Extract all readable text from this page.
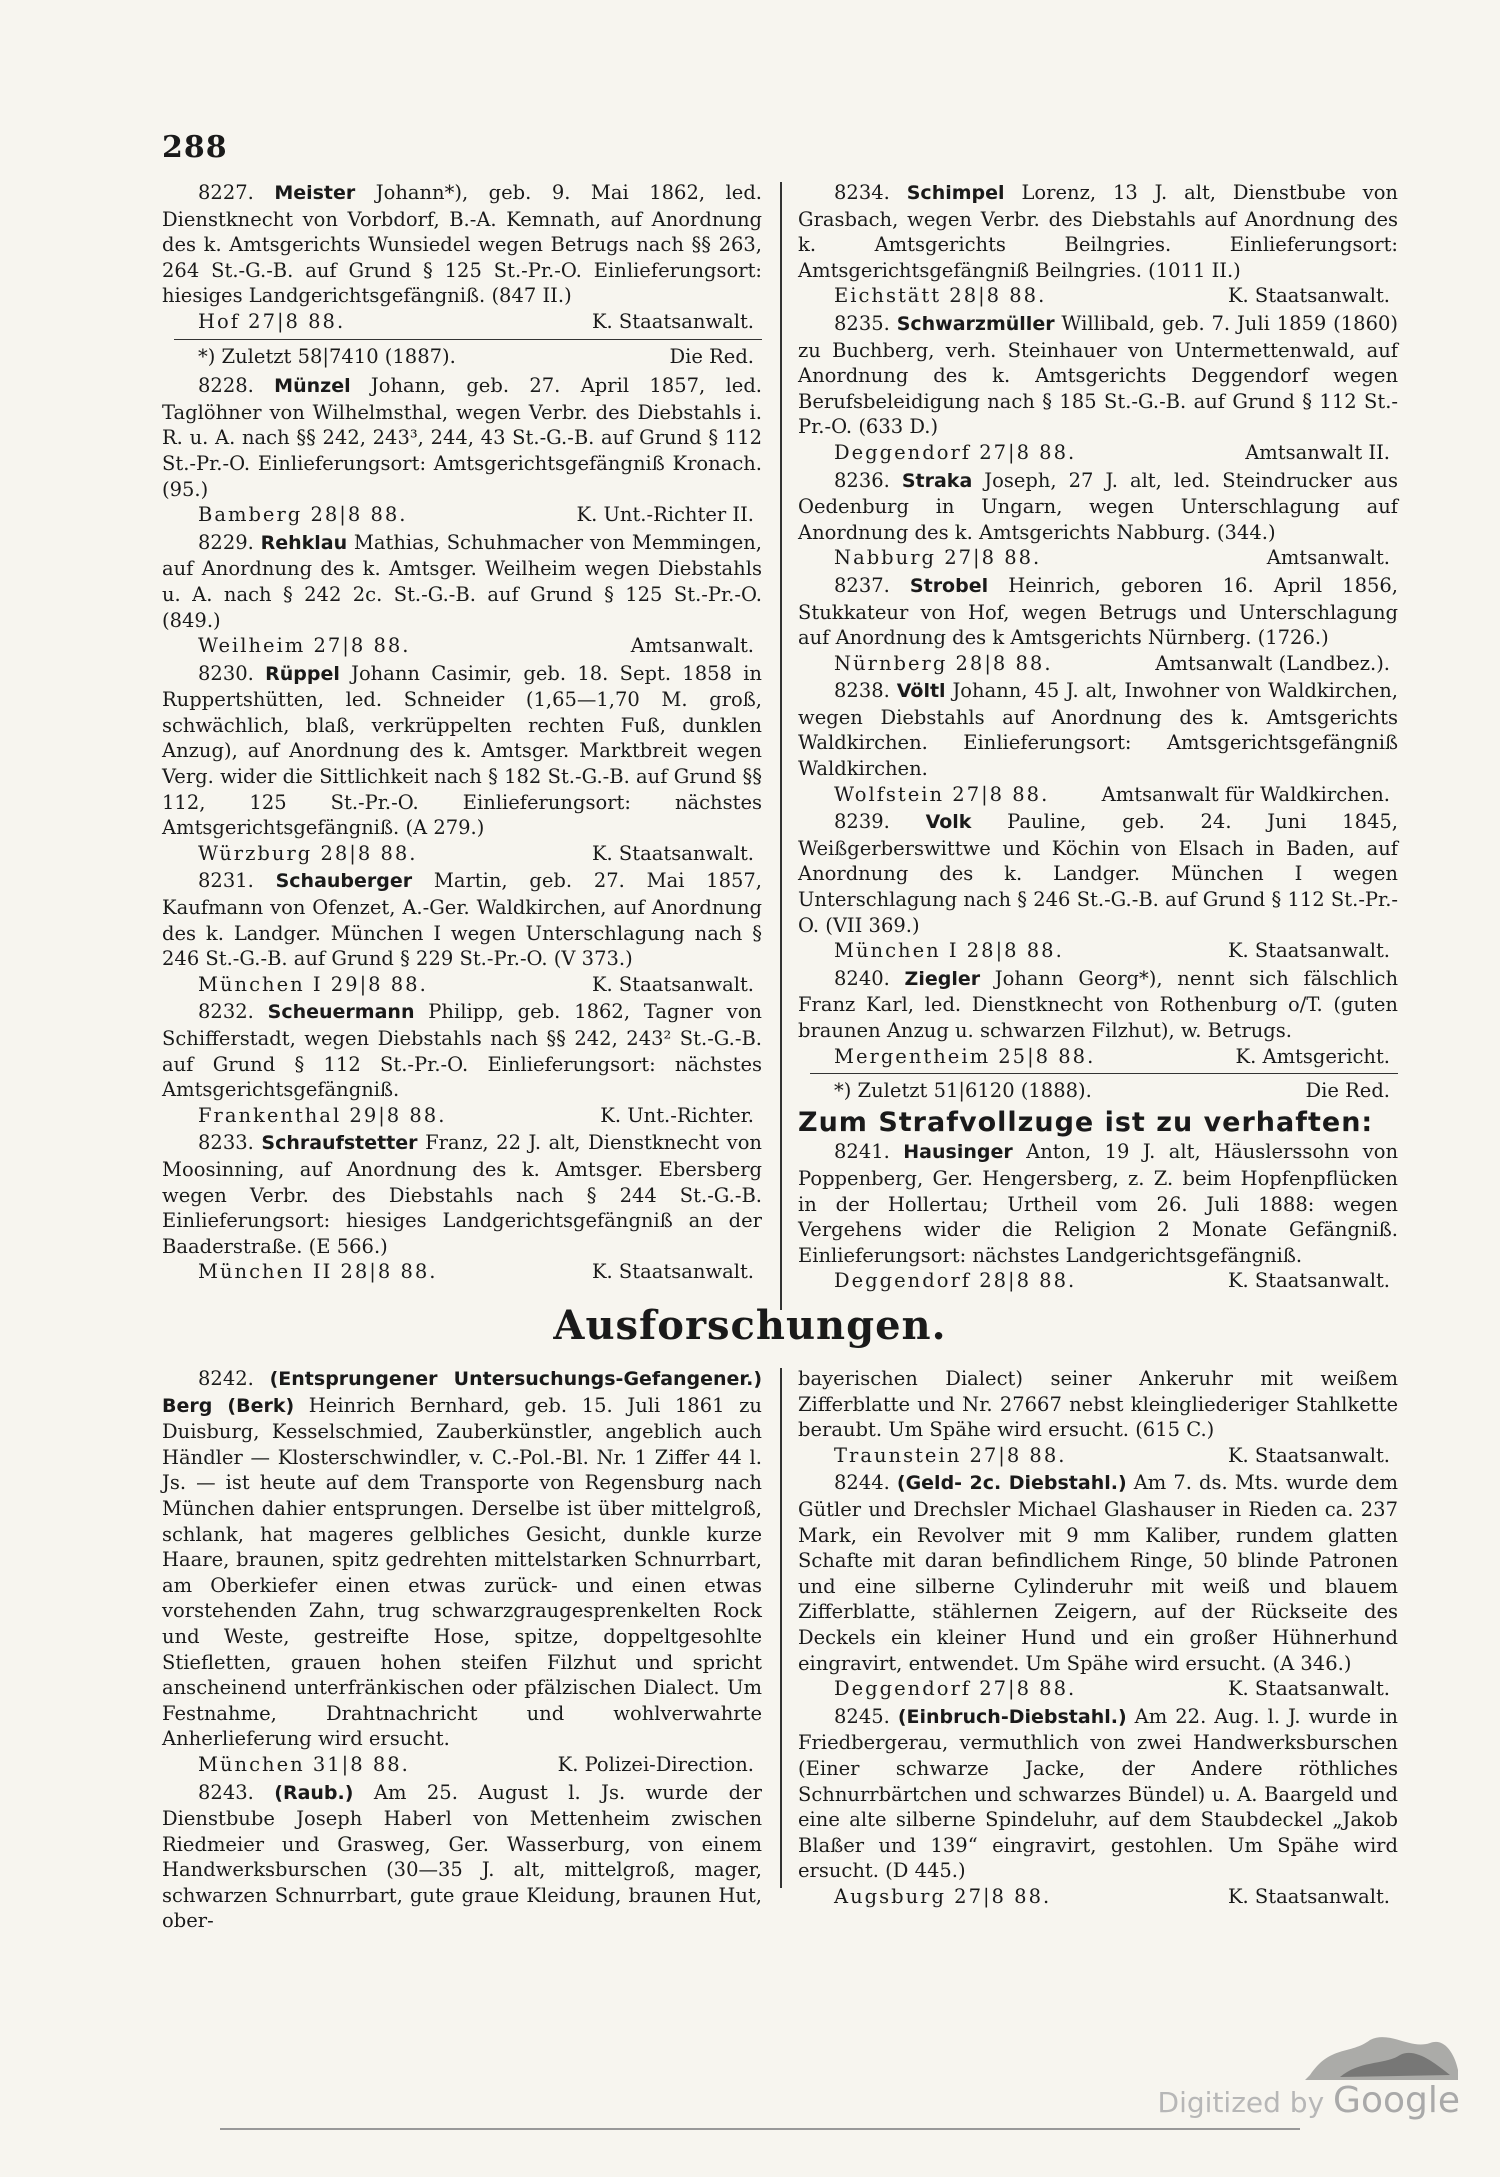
288

8227. Meister Johann*), geb. 9. Mai 1862, led. Dienstknecht von Vorbdorf, B.-A. Kemnath, auf Anordnung des k. Amtsgerichts Wunsiedel wegen Betrugs nach §§ 263, 264 St.-G.-B. auf Grund § 125 St.-Pr.-O. Einlieferungsort: hiesiges Landgerichtsgefängniß. (847 II.)

Hof 27|8 88.	K. Staatsanwalt.
*) Zuletzt 58|7410 (1887).	Die Red.

8228. Münzel Johann, geb. 27. April 1857, led. Taglöhner von Wilhelmsthal, wegen Verbr. des Diebstahls i. R. u. A. nach §§ 242, 243³, 244, 43 St.-G.-B. auf Grund § 112 St.-Pr.-O. Einlieferungsort: Amtsgerichtsgefängniß Kronach. (95.)

Bamberg 28|8 88.	K. Unt.-Richter II.

8229. Rehklau Mathias, Schuhmacher von Memmingen, auf Anordnung des k. Amtsger. Weilheim wegen Diebstahls u. A. nach § 242 2c. St.-G.-B. auf Grund § 125 St.-Pr.-O. (849.)

Weilheim 27|8 88.	Amtsanwalt.

8230. Rüppel Johann Casimir, geb. 18. Sept. 1858 in Ruppertshütten, led. Schneider (1,65—1,70 M. groß, schwächlich, blaß, verkrüppelten rechten Fuß, dunklen Anzug), auf Anordnung des k. Amtsger. Marktbreit wegen Verg. wider die Sittlichkeit nach § 182 St.-G.-B. auf Grund §§ 112, 125 St.-Pr.-O. Einlieferungsort: nächstes Amtsgerichtsgefängniß. (A 279.)

Würzburg 28|8 88.	K. Staatsanwalt.

8231. Schauberger Martin, geb. 27. Mai 1857, Kaufmann von Ofenzet, A.-Ger. Waldkirchen, auf Anordnung des k. Landger. München I wegen Unterschlagung nach § 246 St.-G.-B. auf Grund § 229 St.-Pr.-O. (V 373.)

München I 29|8 88.	K. Staatsanwalt.

8232. Scheuermann Philipp, geb. 1862, Tagner von Schifferstadt, wegen Diebstahls nach §§ 242, 243² St.-G.-B. auf Grund § 112 St.-Pr.-O. Einlieferungsort: nächstes Amtsgerichtsgefängniß.

Frankenthal 29|8 88.	K. Unt.-Richter.

8233. Schraufstetter Franz, 22 J. alt, Dienstknecht von Moosinning, auf Anordnung des k. Amtsger. Ebersberg wegen Verbr. des Diebstahls nach § 244 St.-G.-B. Einlieferungsort: hiesiges Landgerichtsgefängniß an der Baaderstraße. (E 566.)

München II 28|8 88.	K. Staatsanwalt.

8234. Schimpel Lorenz, 13 J. alt, Dienstbube von Grasbach, wegen Verbr. des Diebstahls auf Anordnung des k. Amtsgerichts Beilngries. Einlieferungsort: Amtsgerichtsgefängniß Beilngries. (1011 II.)

Eichstätt 28|8 88.	K. Staatsanwalt.

8235. Schwarzmüller Willibald, geb. 7. Juli 1859 (1860) zu Buchberg, verh. Steinhauer von Untermettenwald, auf Anordnung des k. Amtsgerichts Deggendorf wegen Berufsbeleidigung nach § 185 St.-G.-B. auf Grund § 112 St.-Pr.-O. (633 D.)

Deggendorf 27|8 88.	Amtsanwalt II.

8236. Straka Joseph, 27 J. alt, led. Steindrucker aus Oedenburg in Ungarn, wegen Unterschlagung auf Anordnung des k. Amtsgerichts Nabburg. (344.)

Nabburg 27|8 88.	Amtsanwalt.

8237. Strobel Heinrich, geboren 16. April 1856, Stukkateur von Hof, wegen Betrugs und Unterschlagung auf Anordnung des k Amtsgerichts Nürnberg. (1726.)

Nürnberg 28|8 88.	Amtsanwalt (Landbez.).

8238. Völtl Johann, 45 J. alt, Inwohner von Waldkirchen, wegen Diebstahls auf Anordnung des k. Amtsgerichts Waldkirchen. Einlieferungsort: Amtsgerichtsgefängniß Waldkirchen.

Wolfstein 27|8 88.	Amtsanwalt für Waldkirchen.

8239. Volk Pauline, geb. 24. Juni 1845, Weißgerberswittwe und Köchin von Elsach in Baden, auf Anordnung des k. Landger. München I wegen Unterschlagung nach § 246 St.-G.-B. auf Grund § 112 St.-Pr.-O. (VII 369.)

München I 28|8 88.	K. Staatsanwalt.

8240. Ziegler Johann Georg*), nennt sich fälschlich Franz Karl, led. Dienstknecht von Rothenburg o/T. (guten braunen Anzug u. schwarzen Filzhut), w. Betrugs.

Mergentheim 25|8 88.	K. Amtsgericht.
*) Zuletzt 51|6120 (1888).	Die Red.
Zum Strafvollzuge ist zu verhaften:

8241. Hausinger Anton, 19 J. alt, Häuslerssohn von Poppenberg, Ger. Hengersberg, z. Z. beim Hopfenpflücken in der Hollertau; Urtheil vom 26. Juli 1888: wegen Vergehens wider die Religion 2 Monate Gefängniß. Einlieferungsort: nächstes Landgerichtsgefängniß.

Deggendorf 28|8 88.	K. Staatsanwalt.
Ausforschungen.

8242. (Entsprungener Untersuchungs-Gefangener.) Berg (Berk) Heinrich Bernhard, geb. 15. Juli 1861 zu Duisburg, Kesselschmied, Zauberkünstler, angeblich auch Händler — Klosterschwindler, v. C.-Pol.-Bl. Nr. 1 Ziffer 44 l. Js. — ist heute auf dem Transporte von Regensburg nach München dahier entsprungen. Derselbe ist über mittelgroß, schlank, hat mageres gelbliches Gesicht, dunkle kurze Haare, braunen, spitz gedrehten mittelstarken Schnurrbart, am Oberkiefer einen etwas zurück- und einen etwas vorstehenden Zahn, trug schwarzgraugesprenkelten Rock und Weste, gestreifte Hose, spitze, doppeltgesohlte Stiefletten, grauen hohen steifen Filzhut und spricht anscheinend unterfränkischen oder pfälzischen Dialect. Um Festnahme, Drahtnachricht und wohlverwahrte Anherlieferung wird ersucht.

München 31|8 88.	K. Polizei-Direction.

8243. (Raub.) Am 25. August l. Js. wurde der Dienstbube Joseph Haberl von Mettenheim zwischen Riedmeier und Grasweg, Ger. Wasserburg, von einem Handwerksburschen (30—35 J. alt, mittelgroß, mager, schwarzen Schnurrbart, gute graue Kleidung, braunen Hut, ober-

bayerischen Dialect) seiner Ankeruhr mit weißem Zifferblatte und Nr. 27667 nebst kleingliederiger Stahlkette beraubt. Um Spähe wird ersucht. (615 C.)

Traunstein 27|8 88.	K. Staatsanwalt.

8244. (Geld- 2c. Diebstahl.) Am 7. ds. Mts. wurde dem Gütler und Drechsler Michael Glashauser in Rieden ca. 237 Mark, ein Revolver mit 9 mm Kaliber, rundem glatten Schafte mit daran befindlichem Ringe, 50 blinde Patronen und eine silberne Cylinderuhr mit weiß und blauem Zifferblatte, stählernen Zeigern, auf der Rückseite des Deckels ein kleiner Hund und ein großer Hühnerhund eingravirt, entwendet. Um Spähe wird ersucht. (A 346.)

Deggendorf 27|8 88.	K. Staatsanwalt.

8245. (Einbruch-Diebstahl.) Am 22. Aug. l. J. wurde in Friedbergerau, vermuthlich von zwei Handwerksburschen (Einer schwarze Jacke, der Andere röthliches Schnurrbärtchen und schwarzes Bündel) u. A. Baargeld und eine alte silberne Spindeluhr, auf dem Staubdeckel „Jakob Blaßer und 139“ eingravirt, gestohlen. Um Spähe wird ersucht. (D 445.)

Augsburg 27|8 88.	K. Staatsanwalt.
Digitized by Google
